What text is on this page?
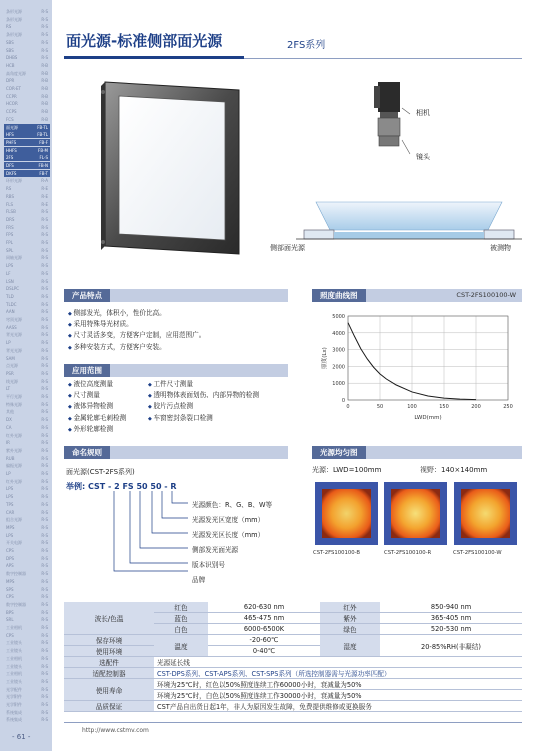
条形光源	R-S
条形光源	R-S
RS	R-S
条形光源	R-S
SBS	R-S
SBS	R-S
DHBS	R-S
HCB	R-B
高角度光源	R-B
DPR	R-B
COR-ET	R-B
CCPR	R-B
HCOR	R-B
CCPS	R-B
FCS	R-B
面光源	FB-TL
HFS	FB-TL
PHFS	FB-F
HHFS	FB-M
2FS	FL-S
DFS	FB-N
DKFS	FB-T
环形光源	R-A
RS	R-E
RBS	R-E
FLS	R-E
FLSB	R-S
DRS	R-S
FRS	R-S
FPS	R-S
FPL	R-S
SPL	R-S
同轴光源	R-S
LPS	R-S
LF	R-S
LSN	R-S
DSLPC	R-S
TLD	R-S
TLDC	R-S
AAN	R-S
穹顶光源	R-S
AASS	R-S
背光光源	R-S
LP	R-S
背光光源	R-S
SAM	R-S
点光源	R-S
PSR	R-S
线光源	R-S
LT	R-S
平行光源	R-S
特殊光源	R-S
其他	R-S
DX	R-S
CA	R-S
红外光源	R-S
IR	R-S
紫外光源	R-S
RUB	R-S
偏振光源	R-S
LP	R-S
红外光源	R-S
LPS	R-S
LPS	R-S
TPS	R-S
CAR	R-S
组合光源	R-S
MPS	R-S
LPS	R-S
开关电源	R-S
CPS	R-S
DPS	R-S
APS	R-S
数字控制器	R-S
MPS	R-S
SPS	R-S
CPS	R-S
数字控制器	R-S
BPS	R-S
SRL	R-S
工业相机	R-S
CPS	R-S
工业镜头	R-S
工业镜头	R-S
工业相机	R-S
工业镜头	R-S
工业相机	R-S
工业镜头	R-S
光学配件	R-S
光学附件	R-S
光学附件	R-S
系统集成	R-S
系统集成	R-S
- 61 -
面光源-标准侧部面光源	2FS系列
相机
镜头
侧部面光源	被测物
产品特点
◆ 侧部发光，体积小，性价比高。
◆ 采用特殊导光材质。
◆ 尺寸灵活多变，方便客户定制，应用范围广。
◆ 多种安装方式，方便客户安装。
照度曲线图	CST-2FS100100-W
0
1000
2000
3000
4000
5000
0	50	100	150	200	250
LWD(mm)
照度(Lx)
应用范围
◆ 液位高度测量
◆ 尺寸测量
◆ 液体异物检测
◆ 金属轮廓毛刺检测
◆ 外形轮廓检测
◆ 工件尺寸测量
◆ 透明物体表面划伤、内部异物的检测
◆ 胶片污点检测
◆ 车窗密封条裂口检测
命名规则
面光源(CST-2FS系列)
举例: CST - 2 FS 50 50 - R
光源颜色：R、G、B、W等
光源发光区宽度（mm）
光源发光区长度（mm）
侧部发光面光源
版本识别号
品牌
光源均匀图
光源：LWD=100mm	视野：140×140mm
CST-2FS100100-B	CST-2FS100100-R	CST-2FS100100-W
波长/色温	红色	620-630 nm	红外	850-940 nm
	蓝色	465-475 nm	紫外	365-405 nm
	白色	6000-6500K	绿色	520-530 nm
保存环境	温度	-20-60℃	湿度	20-85%RH(非凝结)
使用环境		0-40℃		
选配件	光源延长线			
适配控制器	CST-DPS系列、CST-APS系列、CST-SPS系列（所选控制器需与光源功率匹配）			
使用寿命	环境为25℃时，红色以50%照度连续工作60000小时，衰减量为50%			
	环境为25℃时，白色以50%照度连续工作30000小时，衰减量为50%			
品质保证	CST产品自出货日起1年，非人为原因发生故障，免费提供维修或更换服务			
http://www.cstmv.com
